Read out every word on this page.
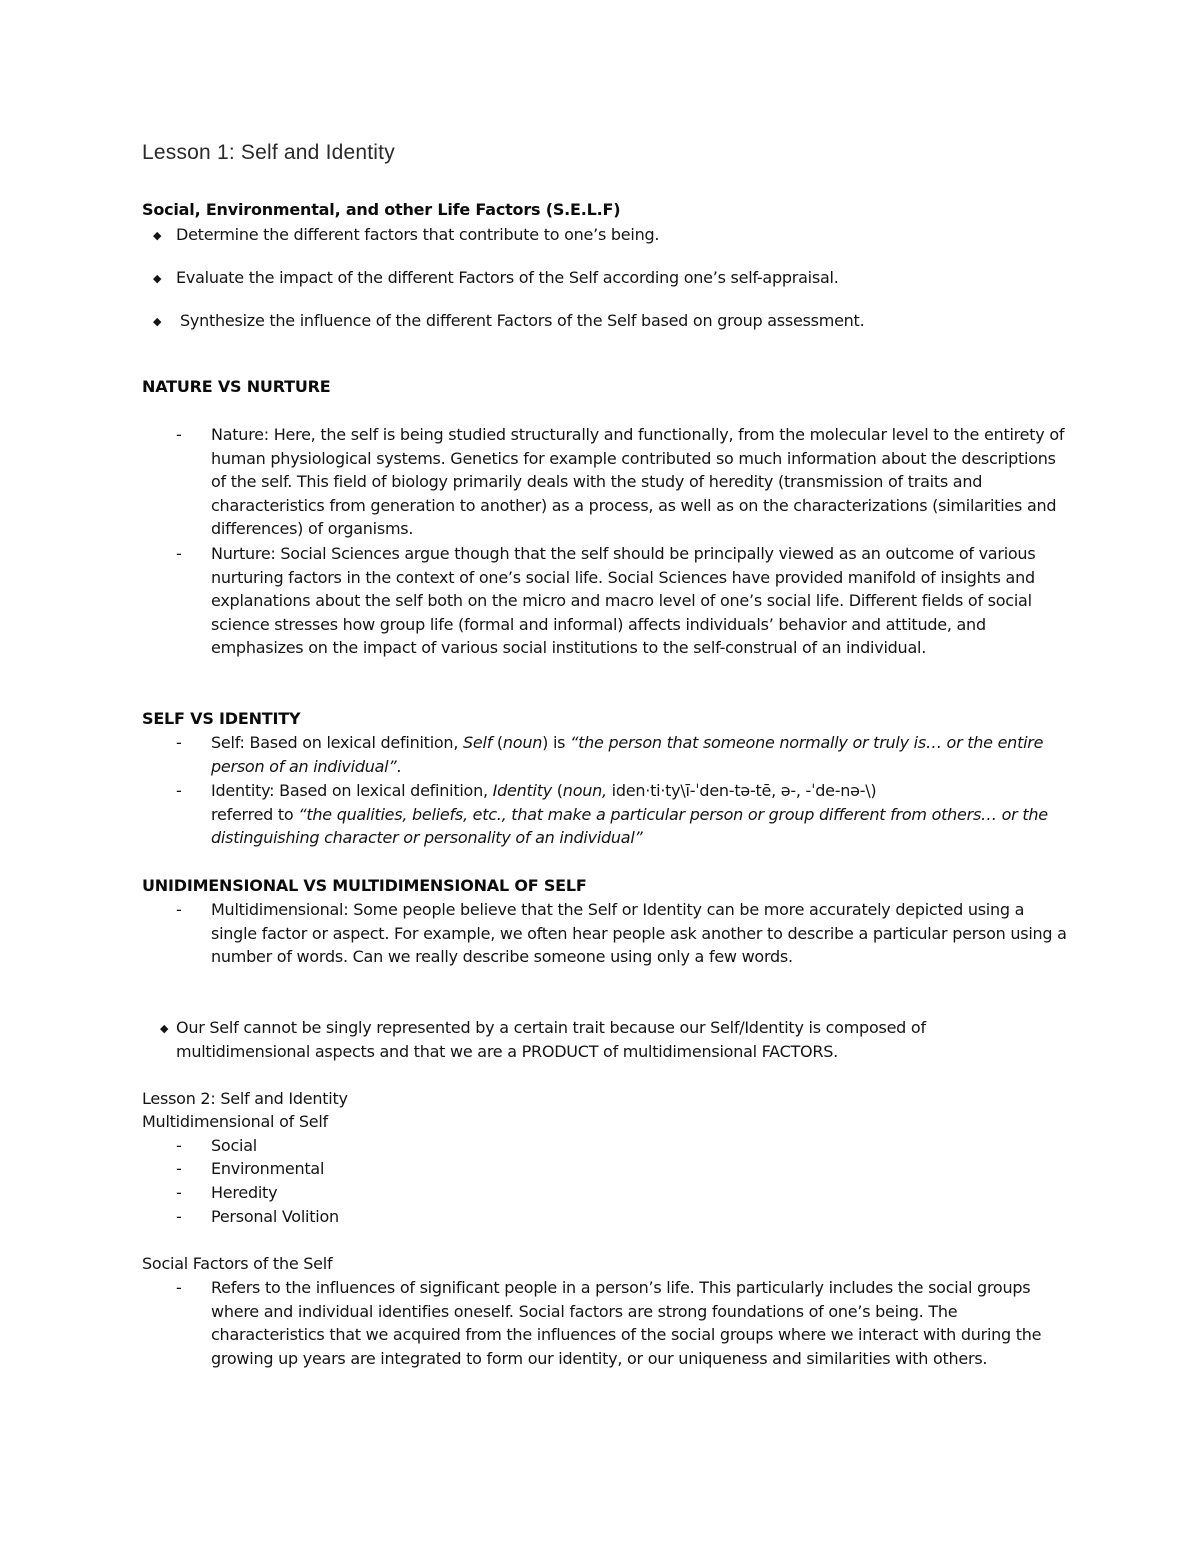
Lesson 1: Self and Identity
Social, Environmental, and other Life Factors (S.E.L.F)
◆ Determine the different factors that contribute to one’s being.
◆ Evaluate the impact of the different Factors of the Self according one’s self-appraisal.
◆ Synthesize the influence of the different Factors of the Self based on group assessment.
NATURE VS NURTURE
- Nature: Here, the self is being studied structurally and functionally, from the molecular level to the entirety of human physiological systems. Genetics for example contributed so much information about the descriptions of the self. This field of biology primarily deals with the study of heredity (transmission of traits and characteristics from generation to another) as a process, as well as on the characterizations (similarities and differences) of organisms.
- Nurture: Social Sciences argue though that the self should be principally viewed as an outcome of various nurturing factors in the context of one’s social life. Social Sciences have provided manifold of insights and explanations about the self both on the micro and macro level of one’s social life. Different fields of social science stresses how group life (formal and informal) affects individuals’ behavior and attitude, and emphasizes on the impact of various social institutions to the self-construal of an individual.
SELF VS IDENTITY
- Self: Based on lexical definition, Self (noun) is “the person that someone normally or truly is… or the entire person of an individual”.
- Identity: Based on lexical definition, Identity (noun, iden·ti·ty\ī-ˈden-tə-tē, ə-, -ˈde-nə-\)
referred to “the qualities, beliefs, etc., that make a particular person or group different from others… or the distinguishing character or personality of an individual”
UNIDIMENSIONAL VS MULTIDIMENSIONAL OF SELF
- Multidimensional: Some people believe that the Self or Identity can be more accurately depicted using a single factor or aspect. For example, we often hear people ask another to describe a particular person using a number of words. Can we really describe someone using only a few words.
◆ Our Self cannot be singly represented by a certain trait because our Self/Identity is composed of multidimensional aspects and that we are a PRODUCT of multidimensional FACTORS.
Lesson 2: Self and Identity
Multidimensional of Self
- Social
- Environmental
- Heredity
- Personal Volition
Social Factors of the Self
- Refers to the influences of significant people in a person’s life. This particularly includes the social groups where and individual identifies oneself. Social factors are strong foundations of one’s being. The characteristics that we acquired from the influences of the social groups where we interact with during the growing up years are integrated to form our identity, or our uniqueness and similarities with others.
